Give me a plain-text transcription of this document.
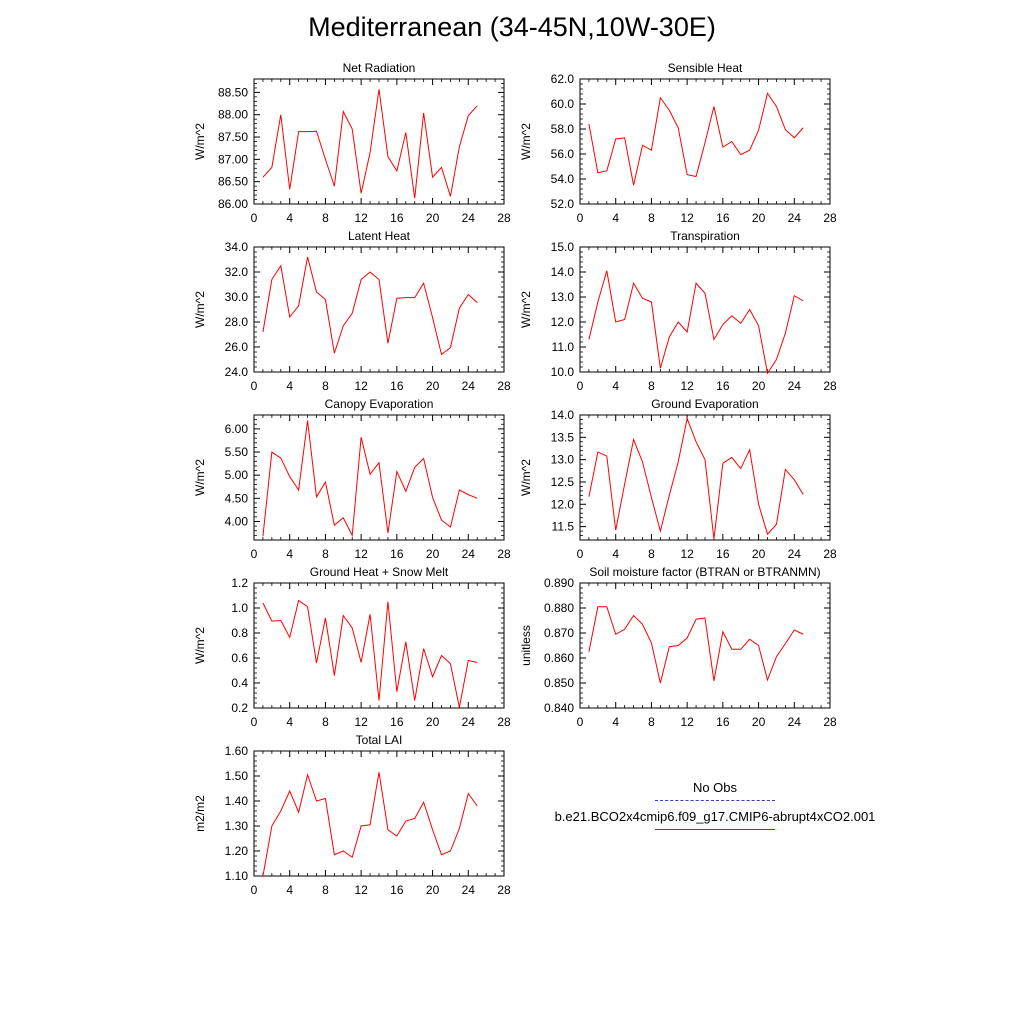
Mediterranean (34-45N,10W-30E)
Net Radiation
W/m^2
0 4 8 12 16 20 24 28
86.00
86.50
87.00
87.50
88.00
88.50
Sensible Heat
W/m^2
0 4 8 12 16 20 24 28
52.0
54.0
56.0
58.0
60.0
62.0
Latent Heat
W/m^2
0 4 8 12 16 20 24 28
24.0
26.0
28.0
30.0
32.0
34.0
Transpiration
W/m^2
0 4 8 12 16 20 24 28
10.0
11.0
12.0
13.0
14.0
15.0
Canopy Evaporation
W/m^2
0 4 8 12 16 20 24 28
4.00
4.50
5.00
5.50
6.00
Ground Evaporation
W/m^2
0 4 8 12 16 20 24 28
11.5
12.0
12.5
13.0
13.5
14.0
Ground Heat + Snow Melt
W/m^2
0 4 8 12 16 20 24 28
0.2
0.4
0.6
0.8
1.0
1.2
Soil moisture factor (BTRAN or BTRANMN)
unitless
0 4 8 12 16 20 24 28
0.840
0.850
0.860
0.870
0.880
0.890
Total LAI
m2/m2
0 4 8 12 16 20 24 28
1.10
1.20
1.30
1.40
1.50
1.60
No Obs
b.e21.BCO2x4cmip6.f09_g17.CMIP6-abrupt4xCO2.001
